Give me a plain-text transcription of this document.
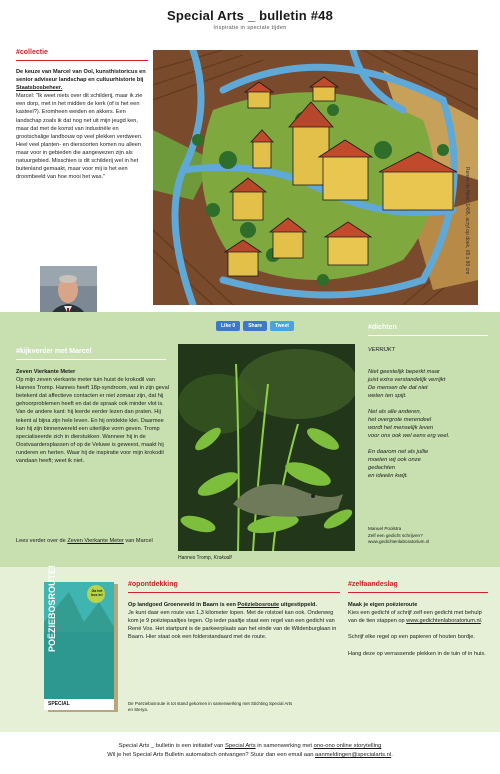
Special Arts _ bulletin #48
Inspiratie in speciale tijden
#collectie
De keuze van Marcel van Ool, kunsthistoricus en senior adviseur landschap en cultuurhistorie bij Staatsbosbeheer.
Marcel: "Ik weet niets over dit schilderij, maar ik zie een dorp, met in het midden de kerk (of is het een kasteel?). Eromheen weiden en akkers. Een landschap zoals ik dat nog net uit mijn jeugd ken, maar dat met de komst van industriële en grootschalige landbouw op veel plekken verdween. Heel veel planten- en diersoorten komen nu alleen maar voor in gebieden die aangewezen zijn als natuurgebied. Misschien is dit schilderij wel in het buitenland gemaakt, maar voor mij is het een droombeeld van hoe mooi het was."	Renee de Neef, 1495, acryl op doek, 65 x 80 cm
Like 0	Share	Tweet
#kijkverder met Marcel
Zeven Vierkante Meter
Op mijn zeven vierkante meter tuin huist de krokodil van Hannes Tromp. Hannes heeft 18p-syndroom, wat in zijn geval betekent dat affectieve contacten er niet zomaar zijn, dat hij gehoorproblemen heeft en dat de spraak ook minder vlot is. Van de andere kant: hij leerde eerder lezen dan praten. Hij tekent al bijna zijn hele leven. En hij ontdekte klei. Daarmee kan hij zijn binnenwereld een uiterlijke vorm geven. Tromp specialiseerde zich in dierstukken. Wanneer hij in de Oostvaardersplassen of op de Veluwe is geweest, maakt hij runderen en herten. Waar hij de inspiratie voor mijn krokodil vandaan heeft; weet ik niet.
Lees verder over de Zeven Vierkante Meter van Marcel
Hannes Tromp, Krokodil
#dichten
VERRIJKT

Niet geestelijk beperkt maar
juist extra verstandelijk verrijkt
De mensen die dat niet
weten ten spijt.

Net als alle anderen,
het overgrote merendeel
wordt het menselijk leven
voor ons ook wel eens erg veel.

En daarom net als jullie
moeten wij ook onze
gedachten
en ideeën kwijt.

Manuel Poolstra
Zelf een gedicht schrijven?
www.gedichtenlaboratorium.nl
Ga het bos in!
POËZIEBOSROUTE!
SPECIAL
#opontdekking
Op landgoed Groeneveld in Baarn is een Poëziebosroute uitgestippeld.
Je kunt daar een route van 1,3 kilometer lopen. Met de rolstoel kan ook. Onderweg kom je 9 poëziepaaltjes tegen. Op ieder paaltje staat een regel van een gedicht van René Vos. Het startpunt is de parkeerplaats aan het einde van de Wildenburglaan in Baarn. Hier staat ook een folderstandaard met de route.
De Poëziebosroute is tot stand gekomen in samenwerking met Stichting Special Arts en Sterya.
#zelfaandeslag
Maak je eigen poëzieroute
Kies een gedicht of schrijf zelf een gedicht met behulp van de tien stappen op www.gedichtenlaboratorium.nl.

Schrijf elke regel op een papieren of houten bordje.

Hang deze op verrassende plekken in de tuin of in huis.
Special Arts _ bulletin is een initiatief van Special Arts in samenwerking met ono-ono online storytelling
Wil je het Special Arts Bulletin automatisch ontvangen? Stuur dan een email aan aanmeldingen@specialarts.nl.
